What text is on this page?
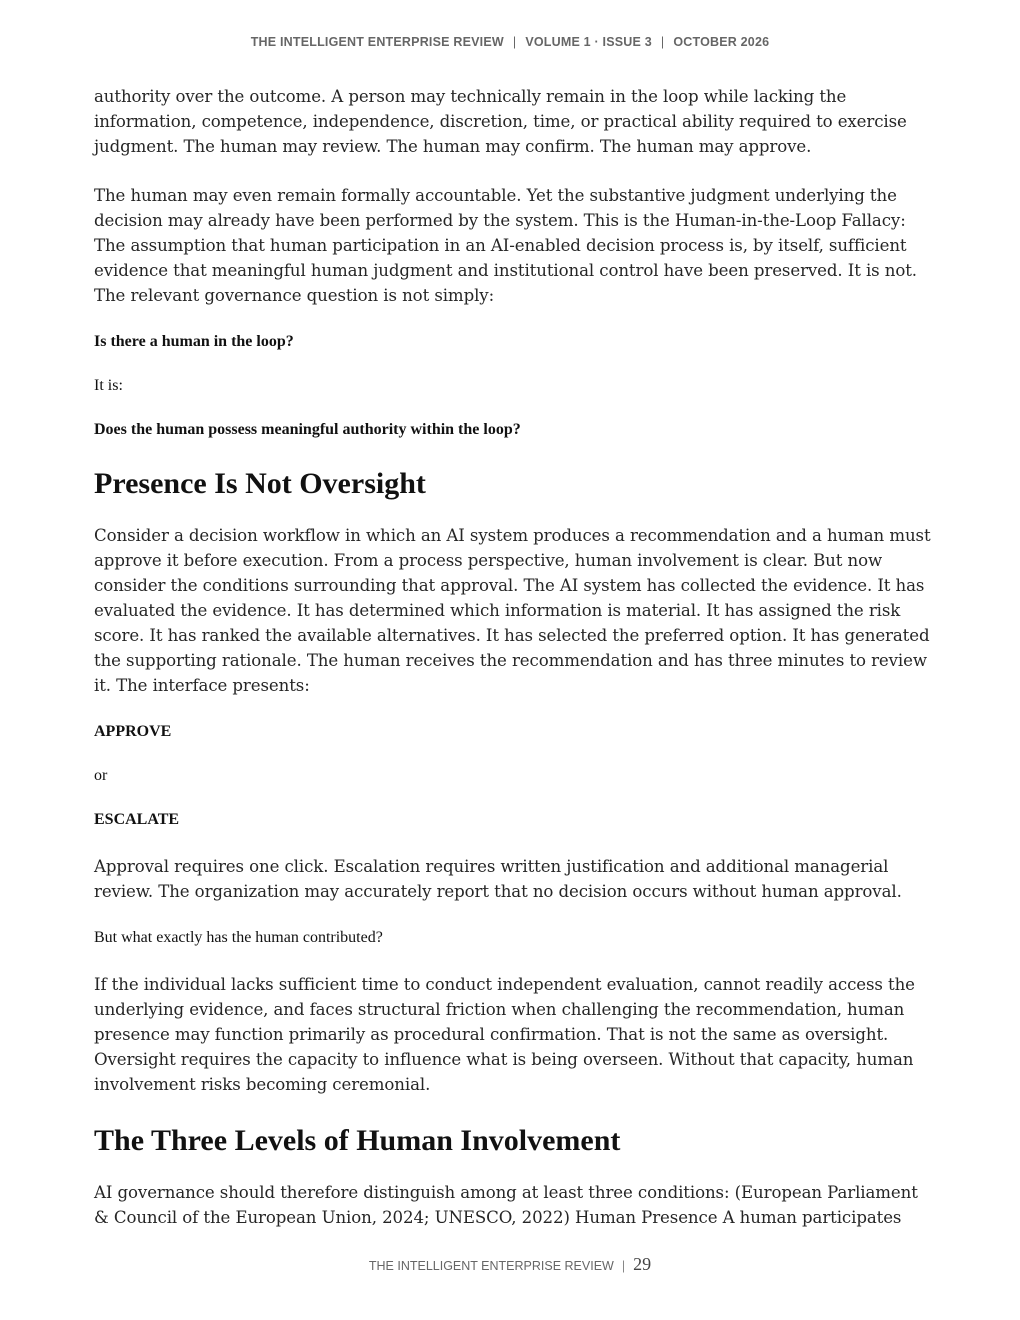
THE INTELLIGENT ENTERPRISE REVIEW | VOLUME 1 · ISSUE 3 | OCTOBER 2026

authority over the outcome. A person may technically remain in the loop while lacking the information, competence, independence, discretion, time, or practical ability required to exercise judgment. The human may review. The human may confirm. The human may approve.

The human may even remain formally accountable. Yet the substantive judgment underlying the decision may already have been performed by the system. This is the Human-in-the-Loop Fallacy: The assumption that human participation in an AI-enabled decision process is, by itself, sufficient evidence that meaningful human judgment and institutional control have been preserved. It is not. The relevant governance question is not simply:

Is there a human in the loop?

It is:

Does the human possess meaningful authority within the loop?

Presence Is Not Oversight

Consider a decision workflow in which an AI system produces a recommendation and a human must approve it before execution. From a process perspective, human involvement is clear. But now consider the conditions surrounding that approval. The AI system has collected the evidence. It has evaluated the evidence. It has determined which information is material. It has assigned the risk score. It has ranked the available alternatives. It has selected the preferred option. It has generated the supporting rationale. The human receives the recommendation and has three minutes to review it. The interface presents:

APPROVE

or

ESCALATE

Approval requires one click. Escalation requires written justification and additional managerial review. The organization may accurately report that no decision occurs without human approval.

But what exactly has the human contributed?

If the individual lacks sufficient time to conduct independent evaluation, cannot readily access the underlying evidence, and faces structural friction when challenging the recommendation, human presence may function primarily as procedural confirmation. That is not the same as oversight. Oversight requires the capacity to influence what is being overseen. Without that capacity, human involvement risks becoming ceremonial.

The Three Levels of Human Involvement

AI governance should therefore distinguish among at least three conditions: (European Parliament & Council of the European Union, 2024; UNESCO, 2022) Human Presence A human participates

THE INTELLIGENT ENTERPRISE REVIEW | 29
